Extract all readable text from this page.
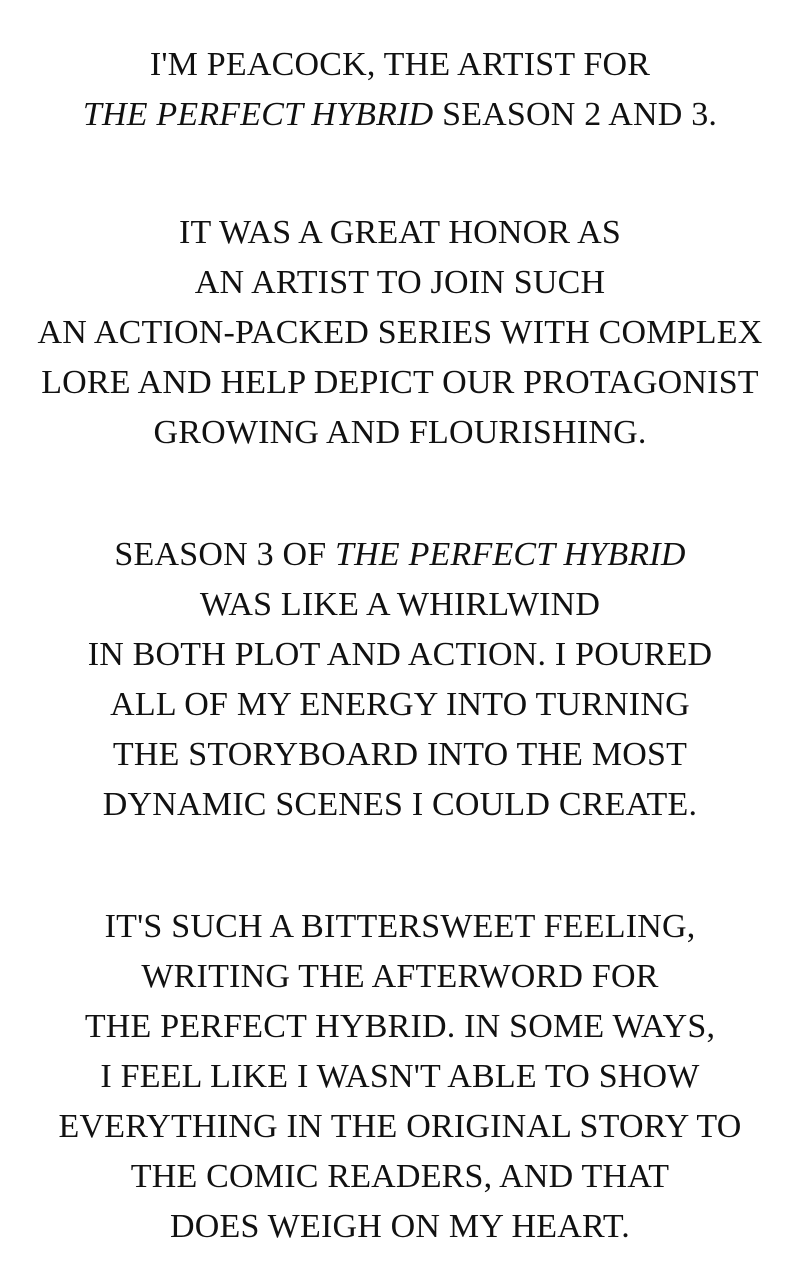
I'M PEACOCK, THE ARTIST FOR
THE PERFECT HYBRID SEASON 2 AND 3.
IT WAS A GREAT HONOR AS
AN ARTIST TO JOIN SUCH
AN ACTION-PACKED SERIES WITH COMPLEX
LORE AND HELP DEPICT OUR PROTAGONIST
GROWING AND FLOURISHING.
SEASON 3 OF THE PERFECT HYBRID
WAS LIKE A WHIRLWIND
IN BOTH PLOT AND ACTION. I POURED
ALL OF MY ENERGY INTO TURNING
THE STORYBOARD INTO THE MOST
DYNAMIC SCENES I COULD CREATE.
IT'S SUCH A BITTERSWEET FEELING,
WRITING THE AFTERWORD FOR
THE PERFECT HYBRID. IN SOME WAYS,
I FEEL LIKE I WASN'T ABLE TO SHOW
EVERYTHING IN THE ORIGINAL STORY TO
THE COMIC READERS, AND THAT
DOES WEIGH ON MY HEART.
